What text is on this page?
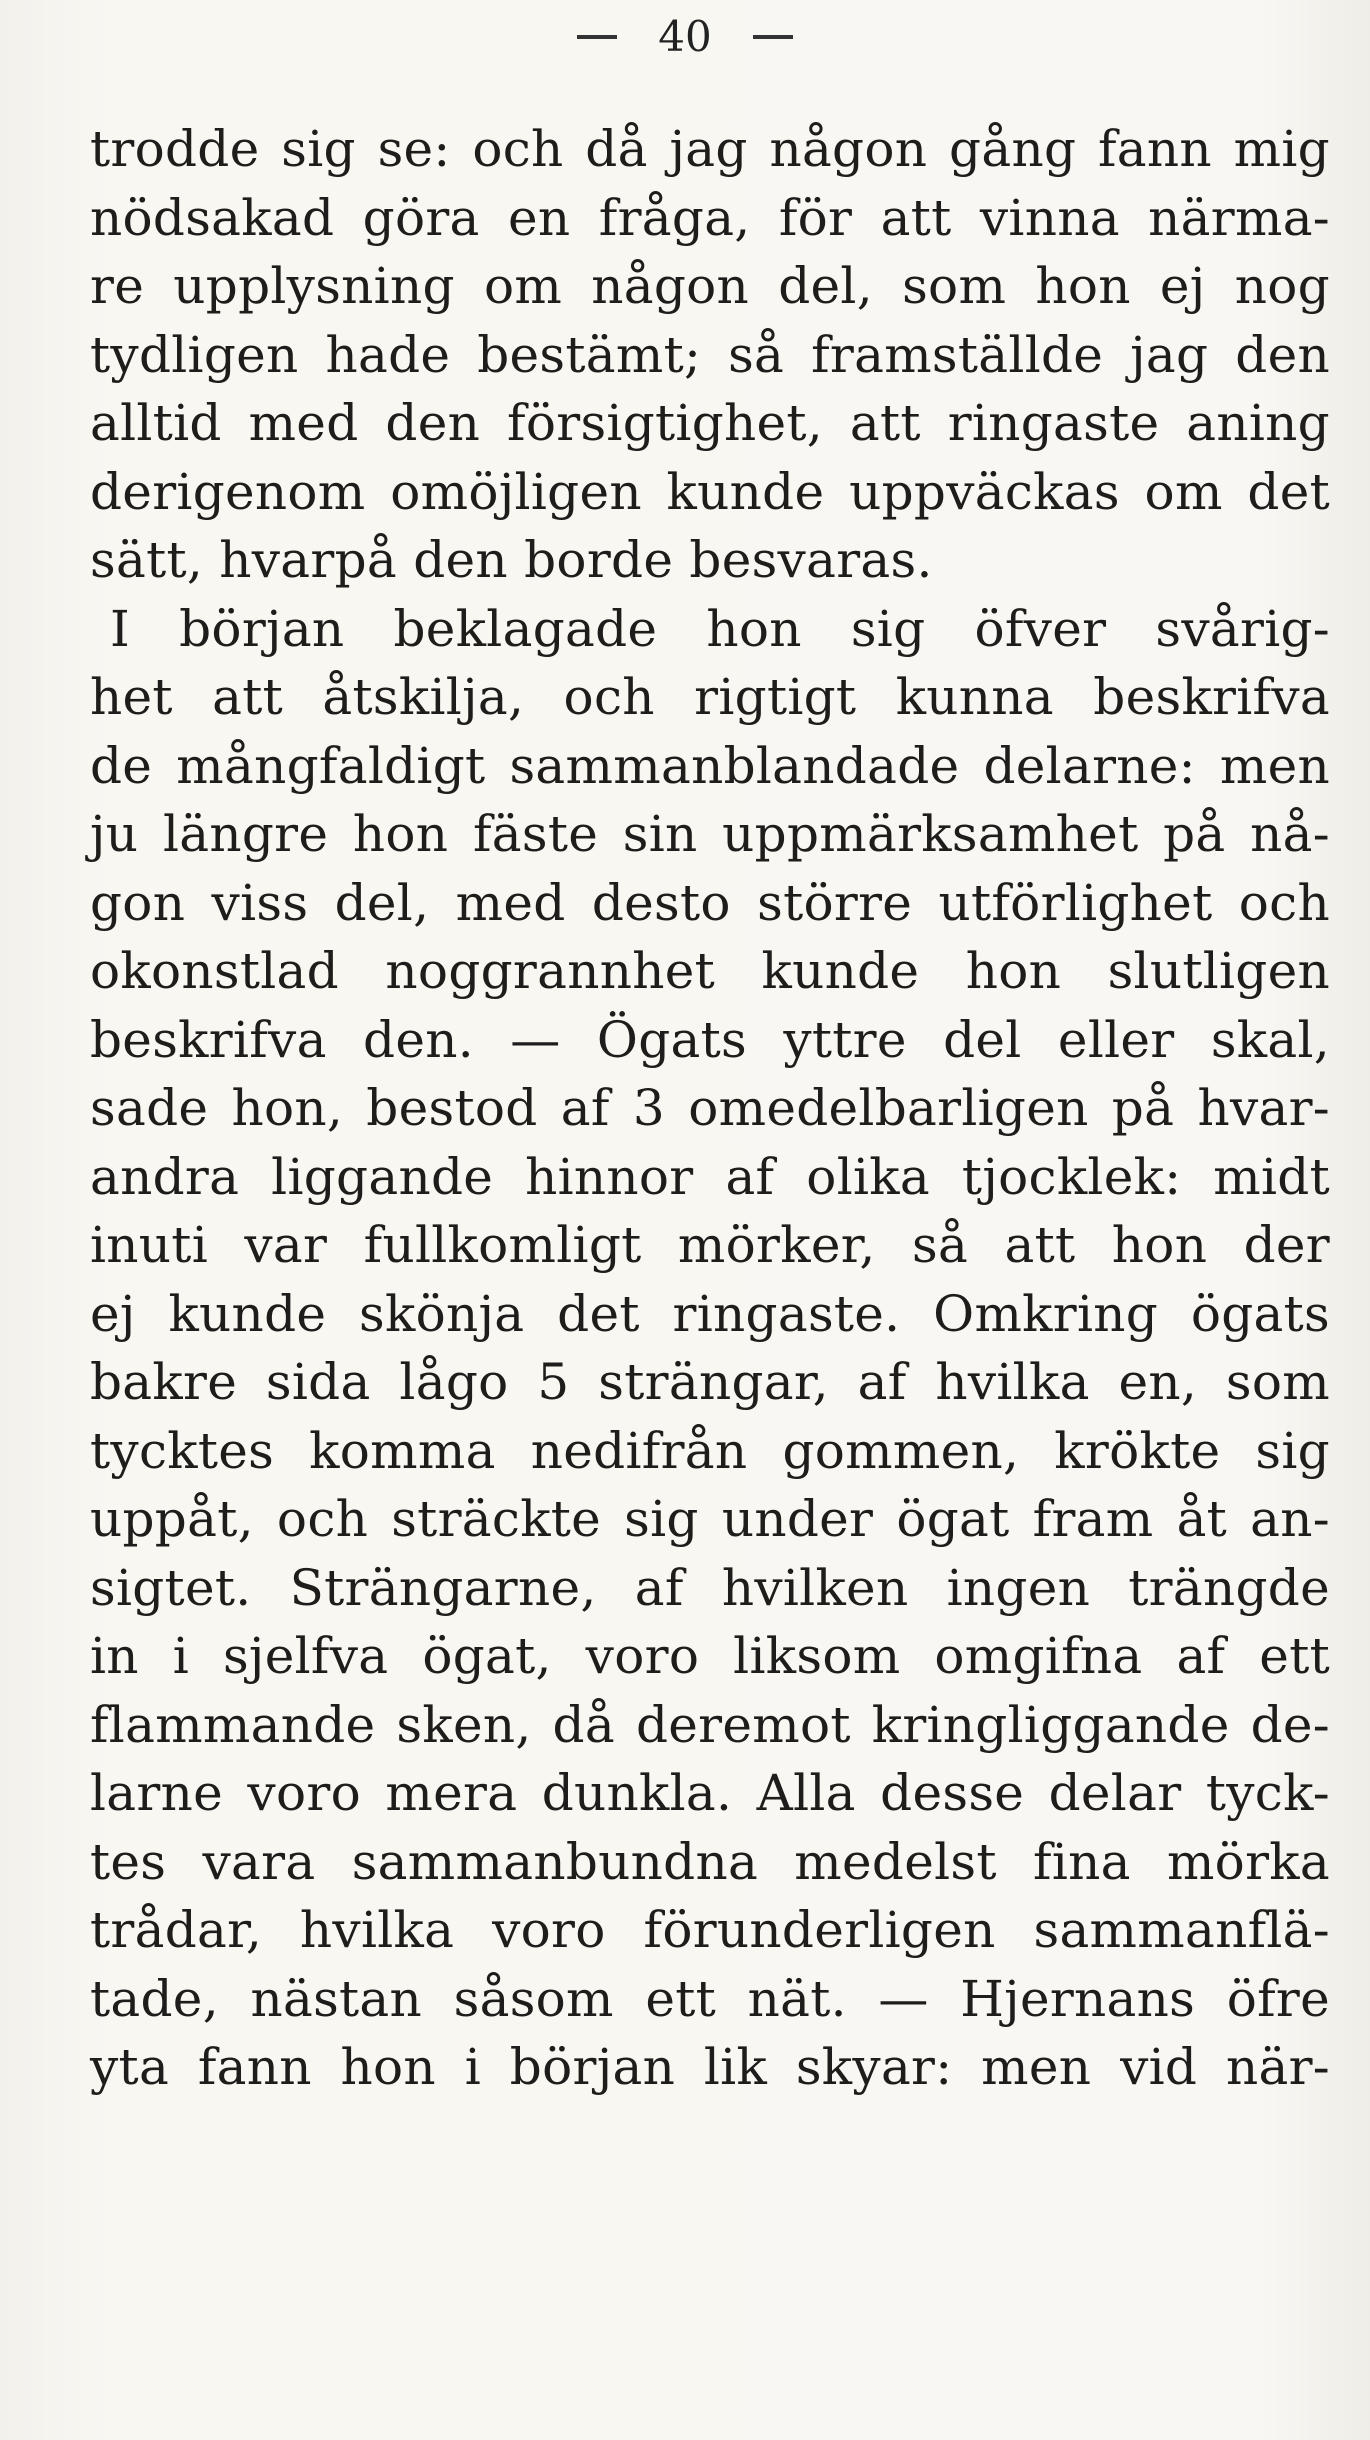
40
trodde sig se: och då jag någon gång fann mig
nödsakad göra en fråga, för att vinna närma-
re upplysning om någon del, som hon ej nog
tydligen hade bestämt; så framställde jag den
alltid med den försigtighet, att ringaste aning
derigenom omöjligen kunde uppväckas om det
sätt, hvarpå den borde besvaras.
I början beklagade hon sig öfver svårig-
het att åtskilja, och rigtigt kunna beskrifva
de mångfaldigt sammanblandade delarne: men
ju längre hon fäste sin uppmärksamhet på nå-
gon viss del, med desto större utförlighet och
okonstlad noggrannhet kunde hon slutligen
beskrifva den. — Ögats yttre del eller skal,
sade hon, bestod af 3 omedelbarligen på hvar-
andra liggande hinnor af olika tjocklek: midt
inuti var fullkomligt mörker, så att hon der
ej kunde skönja det ringaste. Omkring ögats
bakre sida lågo 5 strängar, af hvilka en, som
tycktes komma nedifrån gommen, krökte sig
uppåt, och sträckte sig under ögat fram åt an-
sigtet. Strängarne, af hvilken ingen trängde
in i sjelfva ögat, voro liksom omgifna af ett
flammande sken, då deremot kringliggande de-
larne voro mera dunkla. Alla desse delar tyck-
tes vara sammanbundna medelst fina mörka
trådar, hvilka voro förunderligen sammanflä-
tade, nästan såsom ett nät. — Hjernans öfre
yta fann hon i början lik skyar: men vid när-
